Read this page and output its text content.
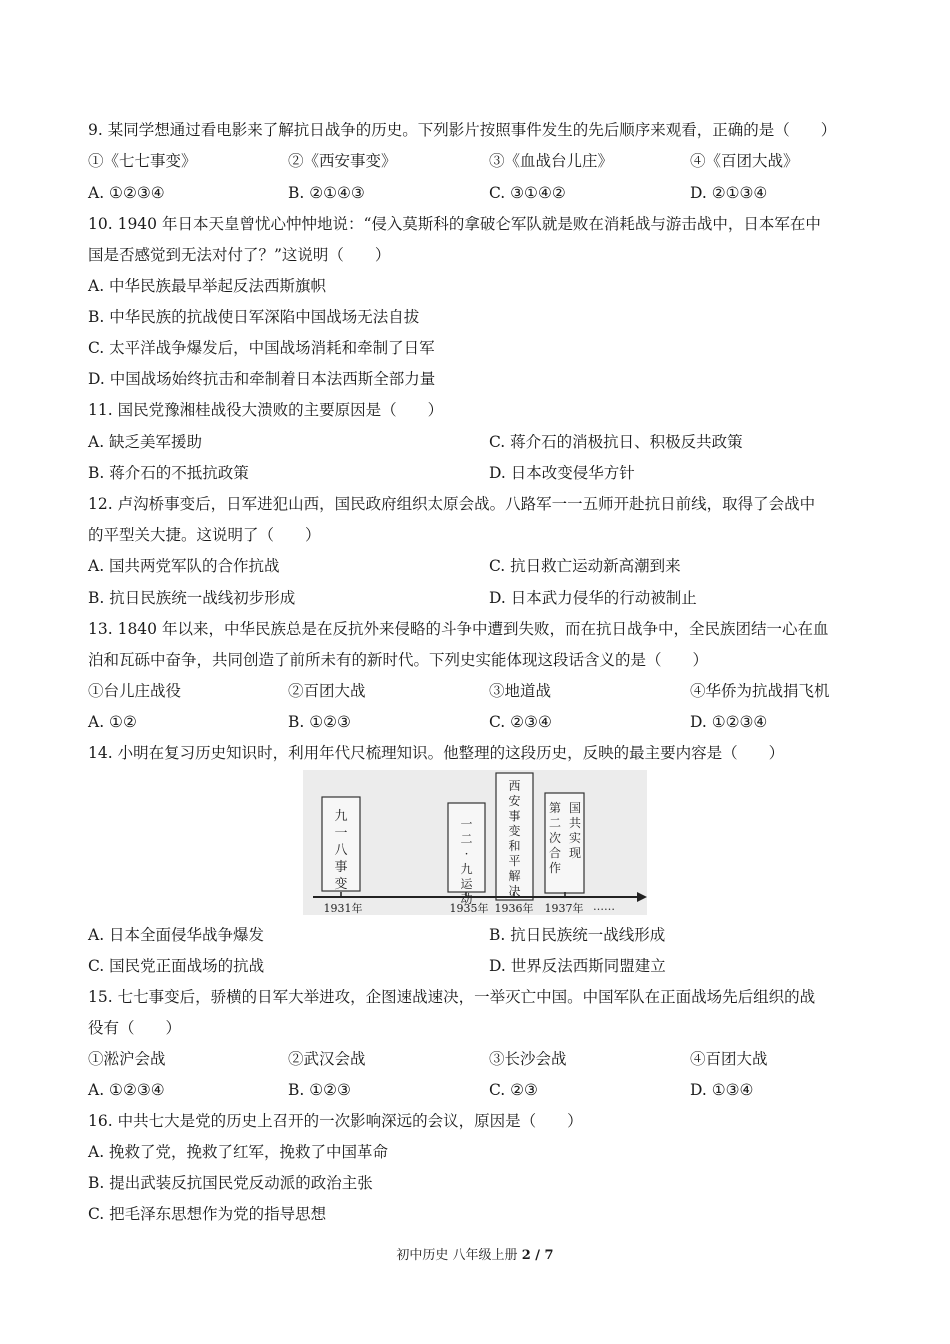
9. 某同学想通过看电影来了解抗日战争的历史。下列影片按照事件发生的先后顺序来观看，正确的是（　　）
①《七七事变》	②《西安事变》	③《血战台儿庄》	④《百团大战》
A. ①②③④	B. ②①④③	C. ③①④②	D. ②①③④
10. 1940 年日本天皇曾忧心忡忡地说：“侵入莫斯科的拿破仑军队就是败在消耗战与游击战中，日本军在中
国是否感觉到无法对付了？”这说明（　　）
A. 中华民族最早举起反法西斯旗帜
B. 中华民族的抗战使日军深陷中国战场无法自拔
C. 太平洋战争爆发后，中国战场消耗和牵制了日军
D. 中国战场始终抗击和牵制着日本法西斯全部力量
11. 国民党豫湘桂战役大溃败的主要原因是（　　）
A. 缺乏美军援助	C. 蒋介石的消极抗日、积极反共政策
B. 蒋介石的不抵抗政策	D. 日本改变侵华方针
12. 卢沟桥事变后，日军进犯山西，国民政府组织太原会战。八路军一一五师开赴抗日前线，取得了会战中
的平型关大捷。这说明了（　　）
A. 国共两党军队的合作抗战	C. 抗日救亡运动新高潮到来
B. 抗日民族统一战线初步形成	D. 日本武力侵华的行动被制止
13. 1840 年以来，中华民族总是在反抗外来侵略的斗争中遭到失败，而在抗日战争中，全民族团结一心在血
泊和瓦砾中奋争，共同创造了前所未有的新时代。下列史实能体现这段话含义的是（　　）
①台儿庄战役	②百团大战	③地道战	④华侨为抗战捐飞机
A. ①②	B. ①②③	C. ②③④	D. ①②③④
14. 小明在复习历史知识时，利用年代尺梳理知识。他整理的这段历史，反映的最主要内容是（　　）
九一八事变
一二·九运动
西安事变和平解决
国共实现
第二次合作
1931年	1935年 1936年 1937年 ……
A. 日本全面侵华战争爆发	B. 抗日民族统一战线形成
C. 国民党正面战场的抗战	D. 世界反法西斯同盟建立
15. 七七事变后，骄横的日军大举进攻，企图速战速决，一举灭亡中国。中国军队在正面战场先后组织的战
役有（　　）
①淞沪会战	②武汉会战	③长沙会战	④百团大战
A. ①②③④	B. ①②③	C. ②③	D. ①③④
16. 中共七大是党的历史上召开的一次影响深远的会议，原因是（　　）
A. 挽救了党，挽救了红军，挽救了中国革命
B. 提出武装反抗国民党反动派的政治主张
C. 把毛泽东思想作为党的指导思想
初中历史 八年级上册 2 / 7
